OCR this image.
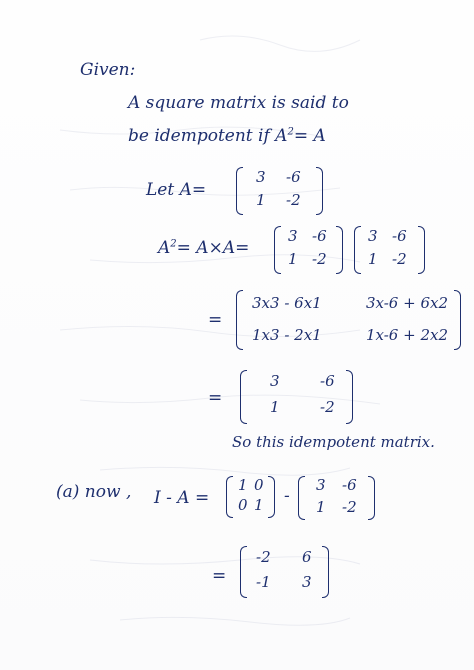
Given:
A square matrix is said to
be idempotent if $A^2= A$
Let A=
3 -6
1 -2
$A^2= A\times A=$
3 -6
1 -2
3 -6
1 -2
=
3x3 - 6x1	3x-6 + 6x2
1x3 - 2x1	1x-6 + 2x2
=
3	-6
1	-2
So this idempotent matrix.
(a) now , I - A =
1 0
0 1 -
3 -6
1 -2
=
-2 6
-1 3
